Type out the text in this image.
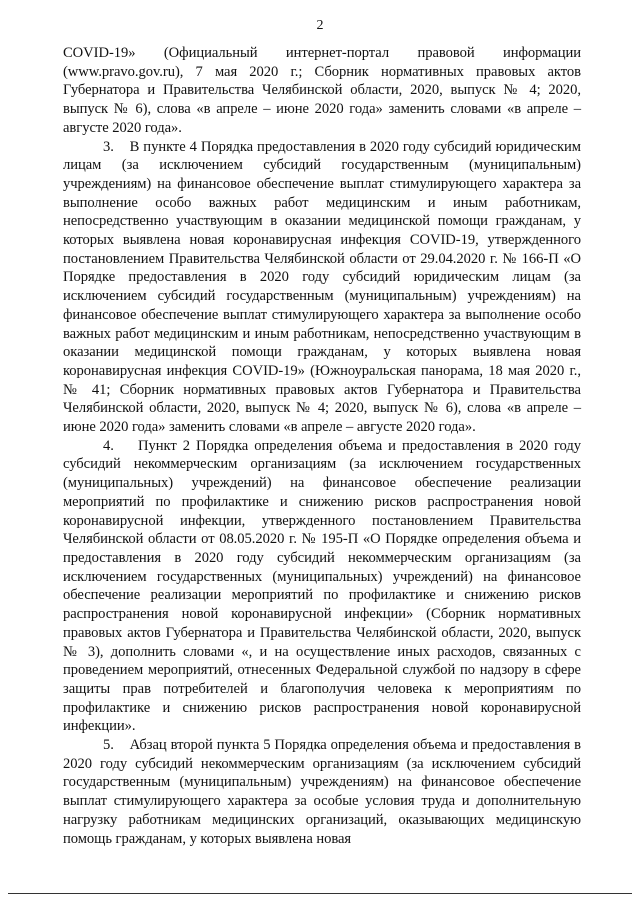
2

COVID-19» (Официальный интернет-портал правовой информации (www.pravo.gov.ru), 7 мая 2020 г.; Сборник нормативных правовых актов Губернатора и Правительства Челябинской области, 2020, выпуск № 4; 2020, выпуск № 6), слова «в апреле – июне 2020 года» заменить словами «в апреле – августе 2020 года».

3.    В пункте 4 Порядка предоставления в 2020 году субсидий юридическим лицам (за исключением субсидий государственным (муниципальным) учреждениям) на финансовое обеспечение выплат стимулирующего характера за выполнение особо важных работ медицинским и иным работникам, непосредственно участвующим в оказании медицинской помощи гражданам, у которых выявлена новая коронавирусная инфекция COVID-19, утвержденного постановлением Правительства Челябинской области от 29.04.2020 г. № 166-П «О Порядке предоставления в 2020 году субсидий юридическим лицам (за исключением субсидий государственным (муниципальным) учреждениям) на финансовое обеспечение выплат стимулирующего характера за выполнение особо важных работ медицинским и иным работникам, непосредственно участвующим в оказании медицинской помощи гражданам, у которых выявлена новая коронавирусная инфекция COVID-19» (Южноуральская панорама, 18 мая 2020 г., № 41; Сборник нормативных правовых актов Губернатора и Правительства Челябинской области, 2020, выпуск № 4; 2020, выпуск № 6), слова «в апреле – июне 2020 года» заменить словами «в апреле – августе 2020 года».

4.    Пункт 2 Порядка определения объема и предоставления в 2020 году субсидий некоммерческим организациям (за исключением государственных (муниципальных) учреждений) на финансовое обеспечение реализации мероприятий по профилактике и снижению рисков распространения новой коронавирусной инфекции, утвержденного постановлением Правительства Челябинской области от 08.05.2020 г. № 195-П «О Порядке определения объема и предоставления в 2020 году субсидий некоммерческим организациям (за исключением государственных (муниципальных) учреждений) на финансовое обеспечение реализации мероприятий по профилактике и снижению рисков распространения новой коронавирусной инфекции» (Сборник нормативных правовых актов Губернатора и Правительства Челябинской области, 2020, выпуск № 3), дополнить словами «, и на осуществление иных расходов, связанных с проведением мероприятий, отнесенных Федеральной службой по надзору в сфере защиты прав потребителей и благополучия человека к мероприятиям по профилактике и снижению рисков распространения новой коронавирусной инфекции».

5.    Абзац второй пункта 5 Порядка определения объема и предоставления в 2020 году субсидий некоммерческим организациям (за исключением субсидий государственным (муниципальным) учреждениям) на финансовое обеспечение выплат стимулирующего характера за особые условия труда и дополнительную нагрузку работникам медицинских организаций, оказывающих медицинскую помощь гражданам, у которых выявлена новая
